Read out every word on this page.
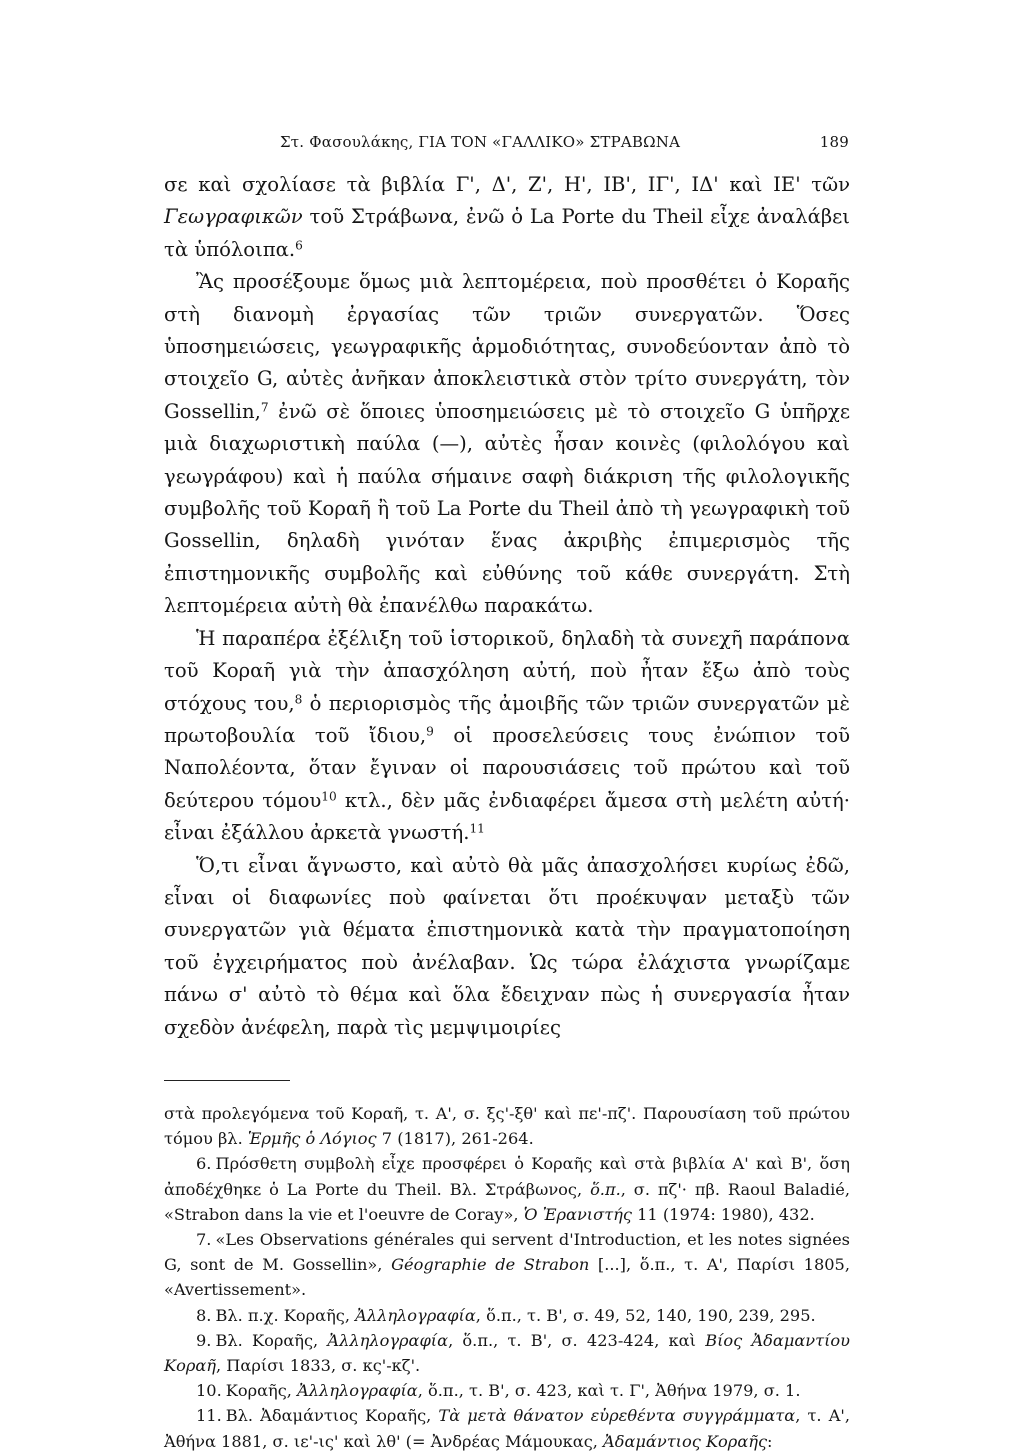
Στ. Φασουλάκης, ΓΙΑ ΤΟΝ «ΓΑΛΛΙΚΟ» ΣΤΡΑΒΩΝΑ	189

σε καὶ σχολίασε τὰ βιβλία Γ', Δ', Ζ', Η', ΙΒ', ΙΓ', ΙΔ' καὶ ΙΕ' τῶν Γεωγραφικῶν τοῦ Στράβωνα, ἐνῶ ὁ La Porte du Theil εἶχε ἀναλάβει τὰ ὑπόλοιπα.$^6$

Ἂς προσέξουμε ὅμως μιὰ λεπτομέρεια, ποὺ προσθέτει ὁ Κοραῆς στὴ διανομὴ ἐργασίας τῶν τριῶν συνεργατῶν. Ὅσες ὑποσημειώσεις, γεωγραφικῆς ἁρμοδιότητας, συνοδεύονταν ἀπὸ τὸ στοιχεῖο G, αὐτὲς ἀνῆκαν ἀποκλειστικὰ στὸν τρίτο συνεργάτη, τὸν Gossellin,$^7$ ἐνῶ σὲ ὅποιες ὑποσημειώσεις μὲ τὸ στοιχεῖο G ὑπῆρχε μιὰ διαχωριστικὴ παύλα (—), αὐτὲς ἦσαν κοινὲς (φιλολόγου καὶ γεωγράφου) καὶ ἡ παύλα σήμαινε σαφὴ διάκριση τῆς φιλολογικῆς συμβολῆς τοῦ Κοραῆ ἢ τοῦ La Porte du Theil ἀπὸ τὴ γεωγραφικὴ τοῦ Gossellin, δηλαδὴ γινόταν ἕνας ἀκριβὴς ἐπιμερισμὸς τῆς ἐπιστημονικῆς συμβολῆς καὶ εὐθύνης τοῦ κάθε συνεργάτη. Στὴ λεπτομέρεια αὐτὴ θὰ ἐπανέλθω παρακάτω.

Ἡ παραπέρα ἐξέλιξη τοῦ ἱστορικοῦ, δηλαδὴ τὰ συνεχῆ παράπονα τοῦ Κοραῆ γιὰ τὴν ἀπασχόληση αὐτή, ποὺ ἦταν ἔξω ἀπὸ τοὺς στόχους του,$^8$ ὁ περιορισμὸς τῆς ἀμοιβῆς τῶν τριῶν συνεργατῶν μὲ πρωτοβουλία τοῦ ἴδιου,$^9$ οἱ προσελεύσεις τους ἐνώπιον τοῦ Ναπολέοντα, ὅταν ἔγιναν οἱ παρουσιάσεις τοῦ πρώτου καὶ τοῦ δεύτερου τόμου$^{10}$ κτλ., δὲν μᾶς ἐνδιαφέρει ἄμεσα στὴ μελέτη αὐτή· εἶναι ἐξάλλου ἀρκετὰ γνωστή.$^{11}$

Ὅ,τι εἶναι ἄγνωστο, καὶ αὐτὸ θὰ μᾶς ἀπασχολήσει κυρίως ἐδῶ, εἶναι οἱ διαφωνίες ποὺ φαίνεται ὅτι προέκυψαν μεταξὺ τῶν συνεργατῶν γιὰ θέματα ἐπιστημονικὰ κατὰ τὴν πραγματοποίηση τοῦ ἐγχειρήματος ποὺ ἀνέλαβαν. Ὡς τώρα ἐλάχιστα γνωρίζαμε πάνω σ' αὐτὸ τὸ θέμα καὶ ὅλα ἔδειχναν πὼς ἡ συνεργασία ἦταν σχεδὸν ἀνέφελη, παρὰ τὶς μεμψιμοιρίες

στὰ προλεγόμενα τοῦ Κοραῆ, τ. Α', σ. ξς'-ξθ' καὶ πε'-πζ'. Παρουσίαση τοῦ πρώτου τόμου βλ. Ἑρμῆς ὁ Λόγιος 7 (1817), 261-264.

6. Πρόσθετη συμβολὴ εἶχε προσφέρει ὁ Κοραῆς καὶ στὰ βιβλία Α' καὶ Β', ὅση ἀποδέχθηκε ὁ La Porte du Theil. Βλ. Στράβωνος, ὅ.π., σ. πζ'· πβ. Raoul Baladié, «Strabon dans la vie et l'oeuvre de Coray», Ὁ Ἐρανιστής 11 (1974: 1980), 432.

7. «Les Observations générales qui servent d'Introduction, et les notes signées G, sont de M. Gossellin», Géographie de Strabon [...], ὅ.π., τ. Α', Παρίσι 1805, «Avertissement».

8. Βλ. π.χ. Κοραῆς, Ἀλληλογραφία, ὅ.π., τ. Β', σ. 49, 52, 140, 190, 239, 295.

9. Βλ. Κοραῆς, Ἀλληλογραφία, ὅ.π., τ. Β', σ. 423-424, καὶ Βίος Ἀδαμαντίου Κοραῆ, Παρίσι 1833, σ. κς'-κζ'.

10. Κοραῆς, Ἀλληλογραφία, ὅ.π., τ. Β', σ. 423, καὶ τ. Γ', Ἀθήνα 1979, σ. 1.

11. Βλ. Ἀδαμάντιος Κοραῆς, Τὰ μετὰ θάνατον εὑρεθέντα συγγράμματα, τ. Α', Ἀθήνα 1881, σ. ιε'-ις' καὶ λθ' (= Ἀνδρέας Μάμουκας, Ἀδαμάντιος Κοραῆς:
